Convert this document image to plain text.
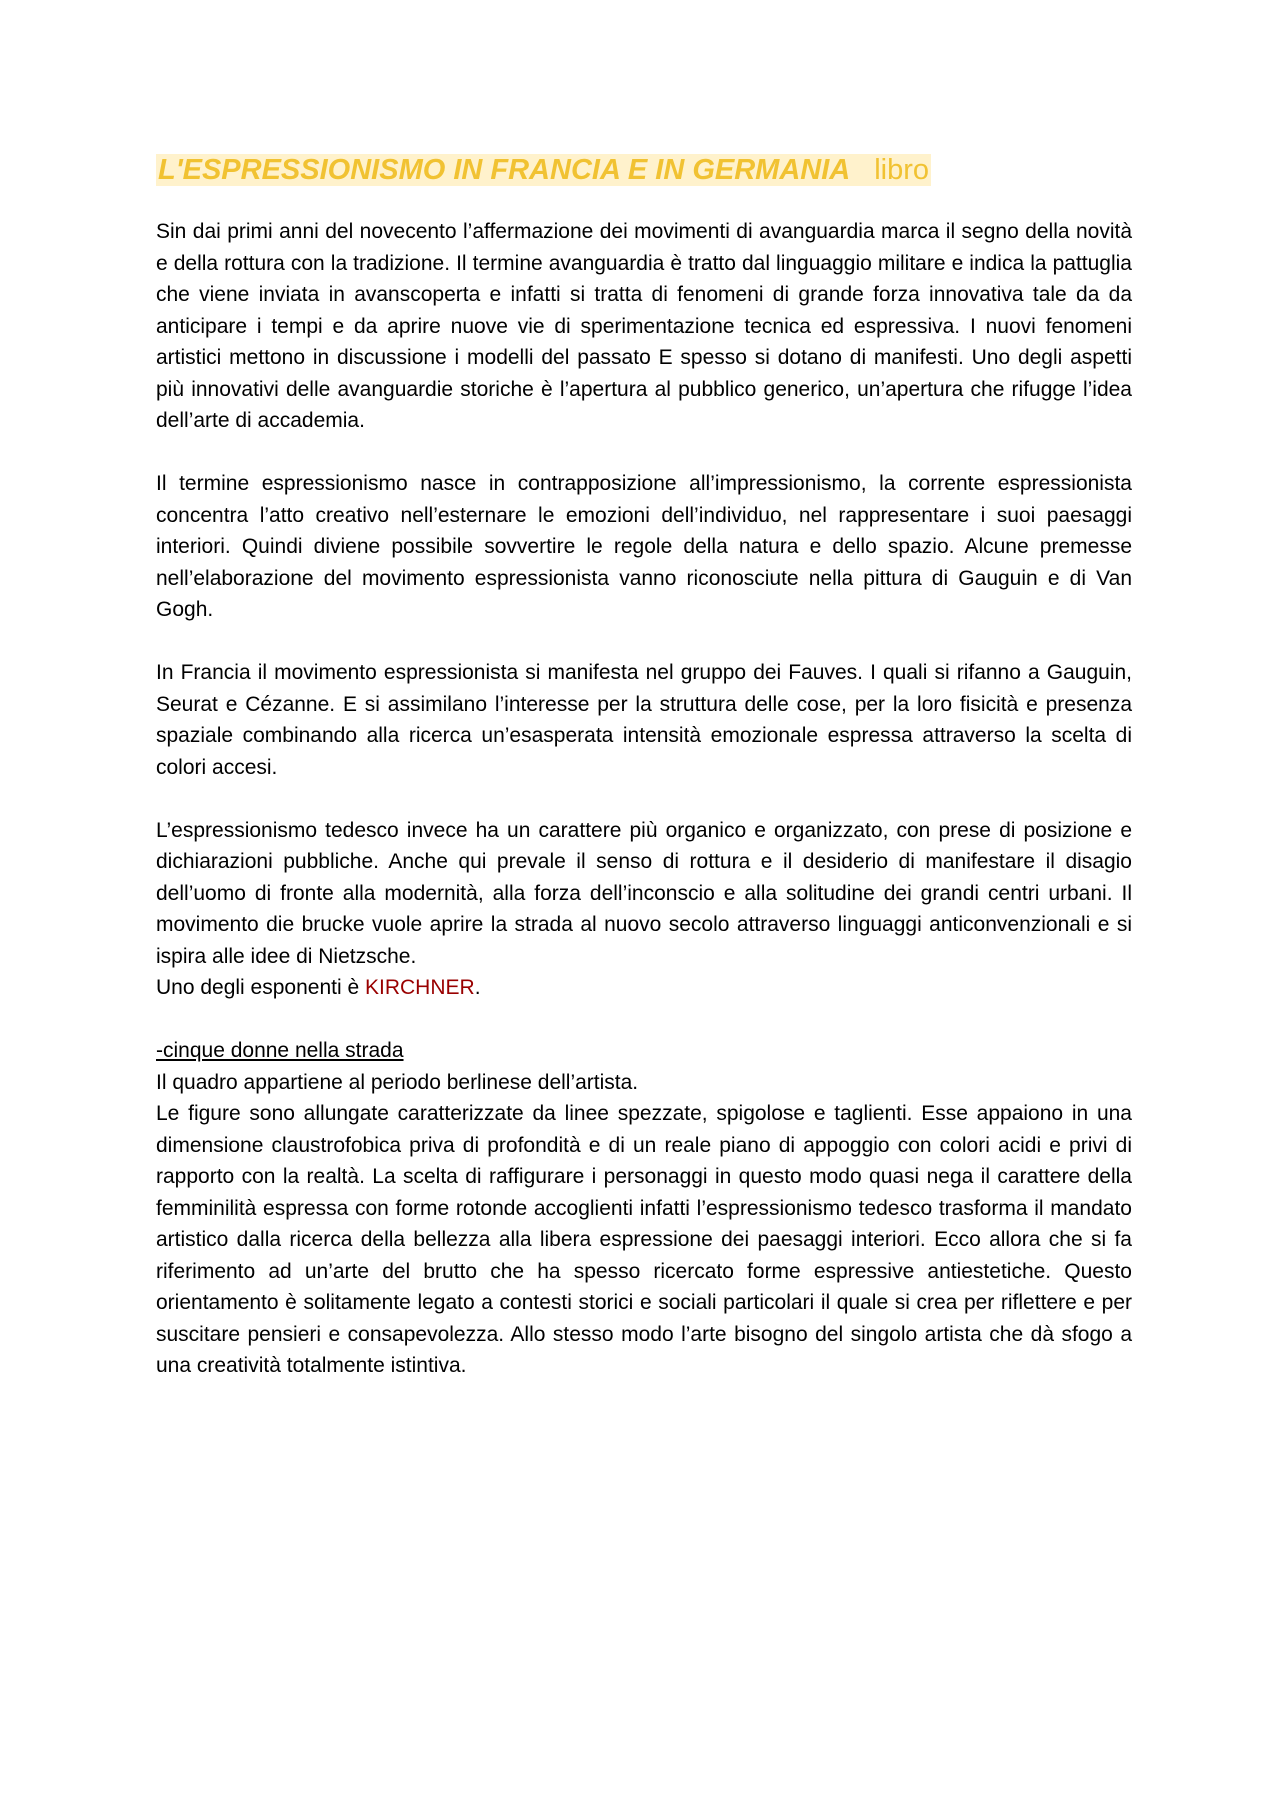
L'ESPRESSIONISMO IN FRANCIA E IN GERMANIA libro

Sin dai primi anni del novecento l’affermazione dei movimenti di avanguardia marca il segno della novità e della rottura con la tradizione. Il termine avanguardia è tratto dal linguaggio militare e indica la pattuglia che viene inviata in avanscoperta e infatti si tratta di fenomeni di grande forza innovativa tale da da anticipare i tempi e da aprire nuove vie di sperimentazione tecnica ed espressiva. I nuovi fenomeni artistici mettono in discussione i modelli del passato E spesso si dotano di manifesti. Uno degli aspetti più innovativi delle avanguardie storiche è l’apertura al pubblico generico, un’apertura che rifugge l’idea dell’arte di accademia.

Il termine espressionismo nasce in contrapposizione all’impressionismo, la corrente espressionista concentra l’atto creativo nell’esternare le emozioni dell’individuo, nel rappresentare i suoi paesaggi interiori. Quindi diviene possibile sovvertire le regole della natura e dello spazio. Alcune premesse nell’elaborazione del movimento espressionista vanno riconosciute nella pittura di Gauguin e di Van Gogh.

In Francia il movimento espressionista si manifesta nel gruppo dei Fauves. I quali si rifanno a Gauguin, Seurat e Cézanne. E si assimilano l’interesse per la struttura delle cose, per la loro fisicità e presenza spaziale combinando alla ricerca un’esasperata intensità emozionale espressa attraverso la scelta di colori accesi.

L’espressionismo tedesco invece ha un carattere più organico e organizzato, con prese di posizione e dichiarazioni pubbliche. Anche qui prevale il senso di rottura e il desiderio di manifestare il disagio dell’uomo di fronte alla modernità, alla forza dell’inconscio e alla solitudine dei grandi centri urbani. Il movimento die brucke vuole aprire la strada al nuovo secolo attraverso linguaggi anticonvenzionali e si ispira alle idee di Nietzsche.

Uno degli esponenti è KIRCHNER.

-cinque donne nella strada

Il quadro appartiene al periodo berlinese dell’artista.

Le figure sono allungate caratterizzate da linee spezzate, spigolose e taglienti. Esse appaiono in una dimensione claustrofobica priva di profondità e di un reale piano di appoggio con colori acidi e privi di rapporto con la realtà. La scelta di raffigurare i personaggi in questo modo quasi nega il carattere della femminilità espressa con forme rotonde accoglienti infatti l’espressionismo tedesco trasforma il mandato artistico dalla ricerca della bellezza alla libera espressione dei paesaggi interiori. Ecco allora che si fa riferimento ad un’arte del brutto che ha spesso ricercato forme espressive antiestetiche. Questo orientamento è solitamente legato a contesti storici e sociali particolari il quale si crea per riflettere e per suscitare pensieri e consapevolezza. Allo stesso modo l’arte bisogno del singolo artista che dà sfogo a una creatività totalmente istintiva.
